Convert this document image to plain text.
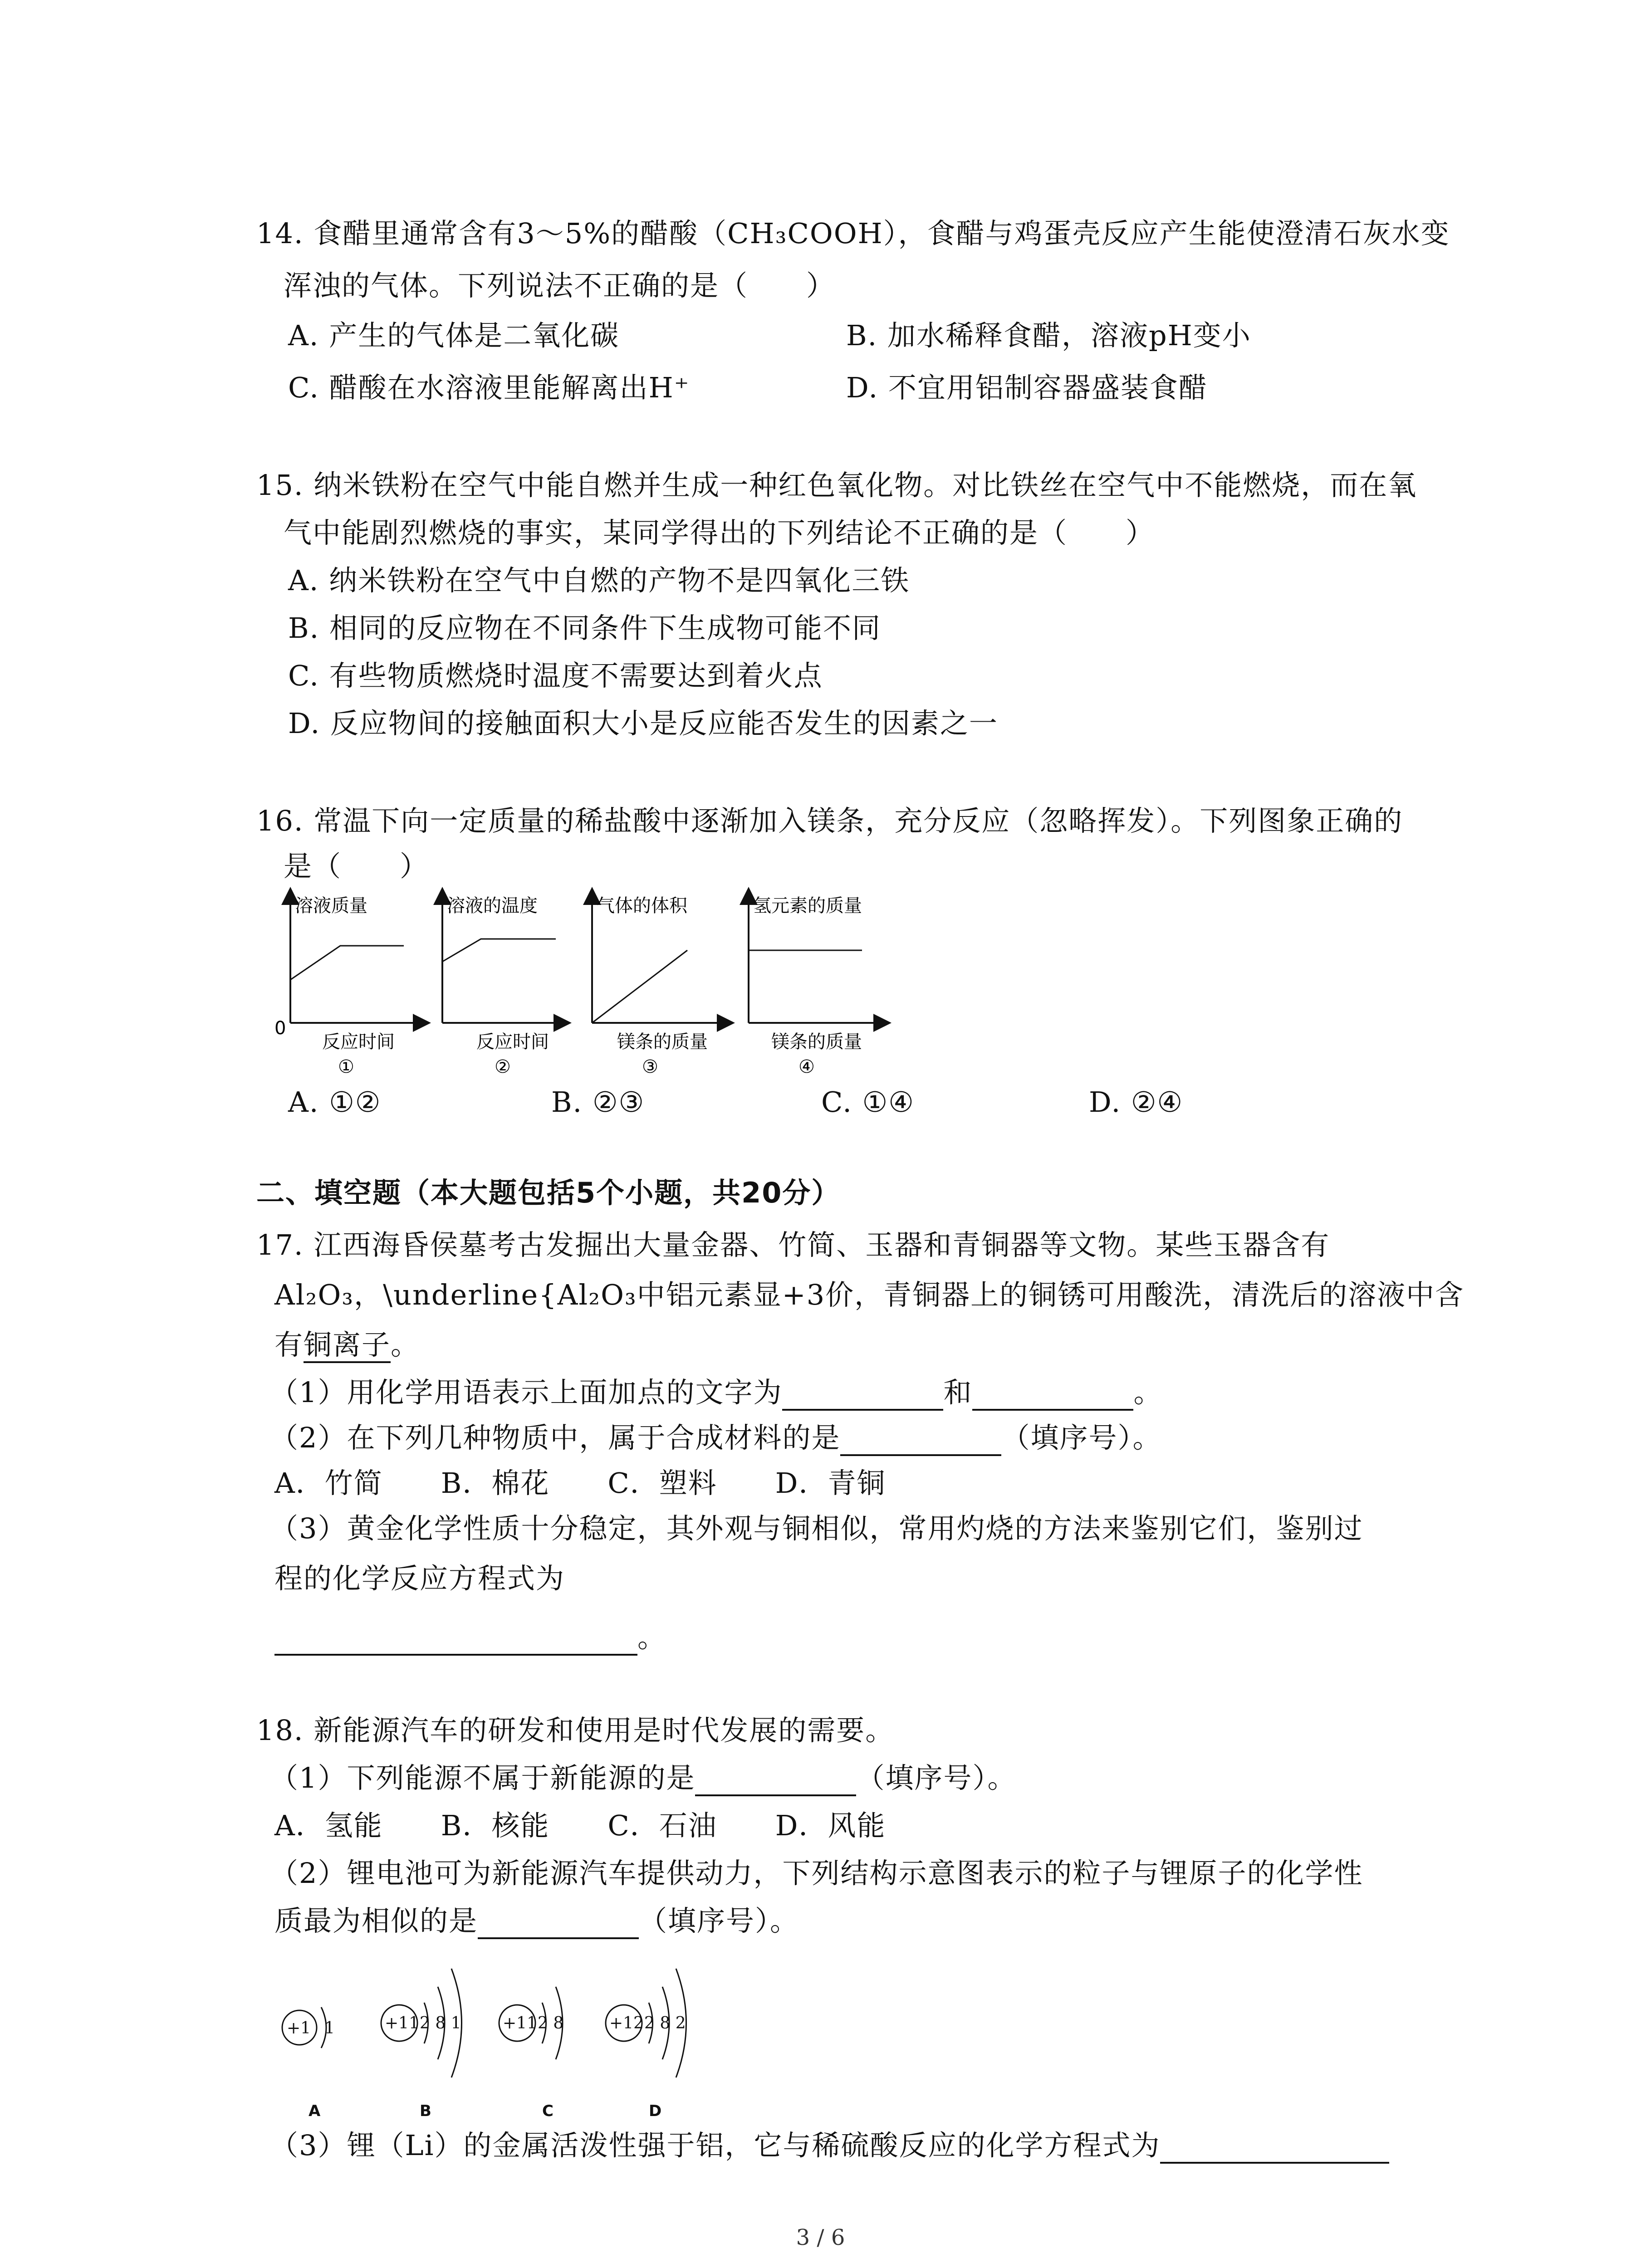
14. 食醋里通常含有3～5%的醋酸（CH₃COOH），食醋与鸡蛋壳反应产生能使澄清石灰水变
浑浊的气体。下列说法不正确的是（　　）
A. 产生的气体是二氧化碳	B. 加水稀释食醋，溶液pH变小
C. 醋酸在水溶液里能解离出H⁺	D. 不宜用铝制容器盛装食醋
15. 纳米铁粉在空气中能自燃并生成一种红色氧化物。对比铁丝在空气中不能燃烧，而在氧
气中能剧烈燃烧的事实，某同学得出的下列结论不正确的是（　　）
A. 纳米铁粉在空气中自燃的产物不是四氧化三铁
B. 相同的反应物在不同条件下生成物可能不同
C. 有些物质燃烧时温度不需要达到着火点
D. 反应物间的接触面积大小是反应能否发生的因素之一
16. 常温下向一定质量的稀盐酸中逐渐加入镁条，充分反应（忽略挥发）。下列图象正确的
是（　　）
溶液质量
0
反应时间
①
溶液的温度
反应时间
②
气体的体积
镁条的质量
③
氢元素的质量
镁条的质量
④
A. ①②	B. ②③	C. ①④	D. ②④
二、填空题（本大题包括5个小题，共20分）
17. 江西海昏侯墓考古发掘出大量金器、竹简、玉器和青铜器等文物。某些玉器含有
Al₂O₃，\underline{Al₂O₃中铝元素显+3价，青铜器上的铜锈可用酸洗，清洗后的溶液中含
有铜离子。
（1）用化学用语表示上面加点的文字为	和	。
（2）在下列几种物质中，属于合成材料的是	（填序号）。
A．竹简　　B．棉花　　C．塑料　　D．青铜
（3）黄金化学性质十分稳定，其外观与铜相似，常用灼烧的方法来鉴别它们，鉴别过
程的化学反应方程式为
。
18. 新能源汽车的研发和使用是时代发展的需要。
（1）下列能源不属于新能源的是	（填序号）。
A．氢能　　B．核能　　C．石油　　D．风能
（2）锂电池可为新能源汽车提供动力，下列结构示意图表示的粒子与锂原子的化学性
质最为相似的是	（填序号）。
+1 1
A
+11 2 8 1
B
+11 2 8
C
+12 2 8 2
D
（3）锂（Li）的金属活泼性强于铝，它与稀硫酸反应的化学方程式为
3 / 6
